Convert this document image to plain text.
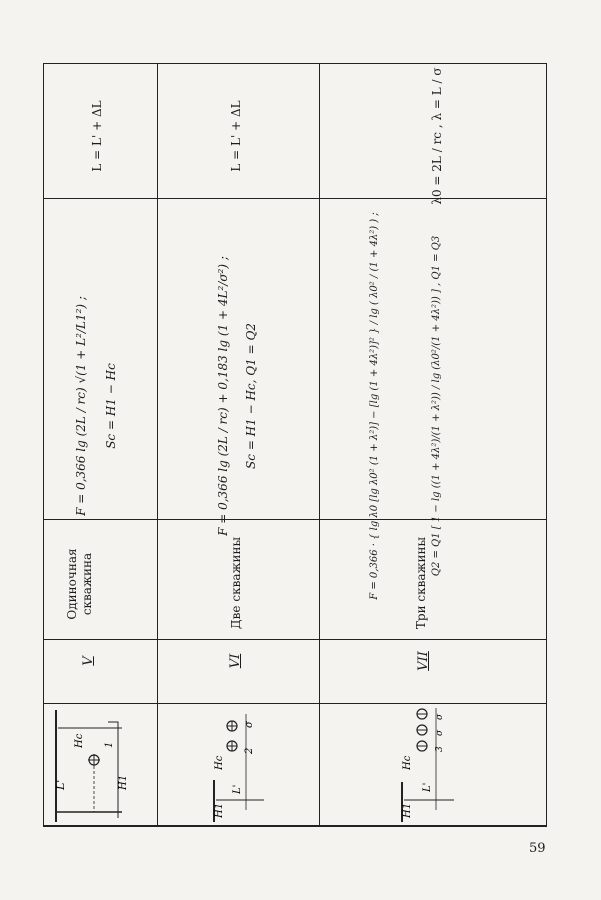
L = L' + ΔL
F = 0,366 lg (2L / rc) √(1 + L²/L1²) ; Sc = H1 − Hc
Одиночная скважина
V
L'
Hc 1
H1
L = L' + ΔL
F = 0,366 lg (2L / rc) + 0,183 lg (1 + 4L²/σ²) ; Sc = H1 − Hc, Q1 = Q2
Две скважины
VI
Hc
2
σ
L'
H1
λ0 = 2L / rc , λ = L / σ
F = 0,366 · { lg λ0 [lg λ0² (1 + λ²)] − [lg (1 + 4λ²)]² } / lg ( λ0² / (1 + 4λ²) ) ;	Q2 = Q1 [ 1 − lg ((1 + 4λ²)/(1 + λ²)) / lg (λ0²/(1 + 4λ²)) ] , Q1 = Q3
Три скважины
VII
Hc
3
σ
σ
L'
H1
59
